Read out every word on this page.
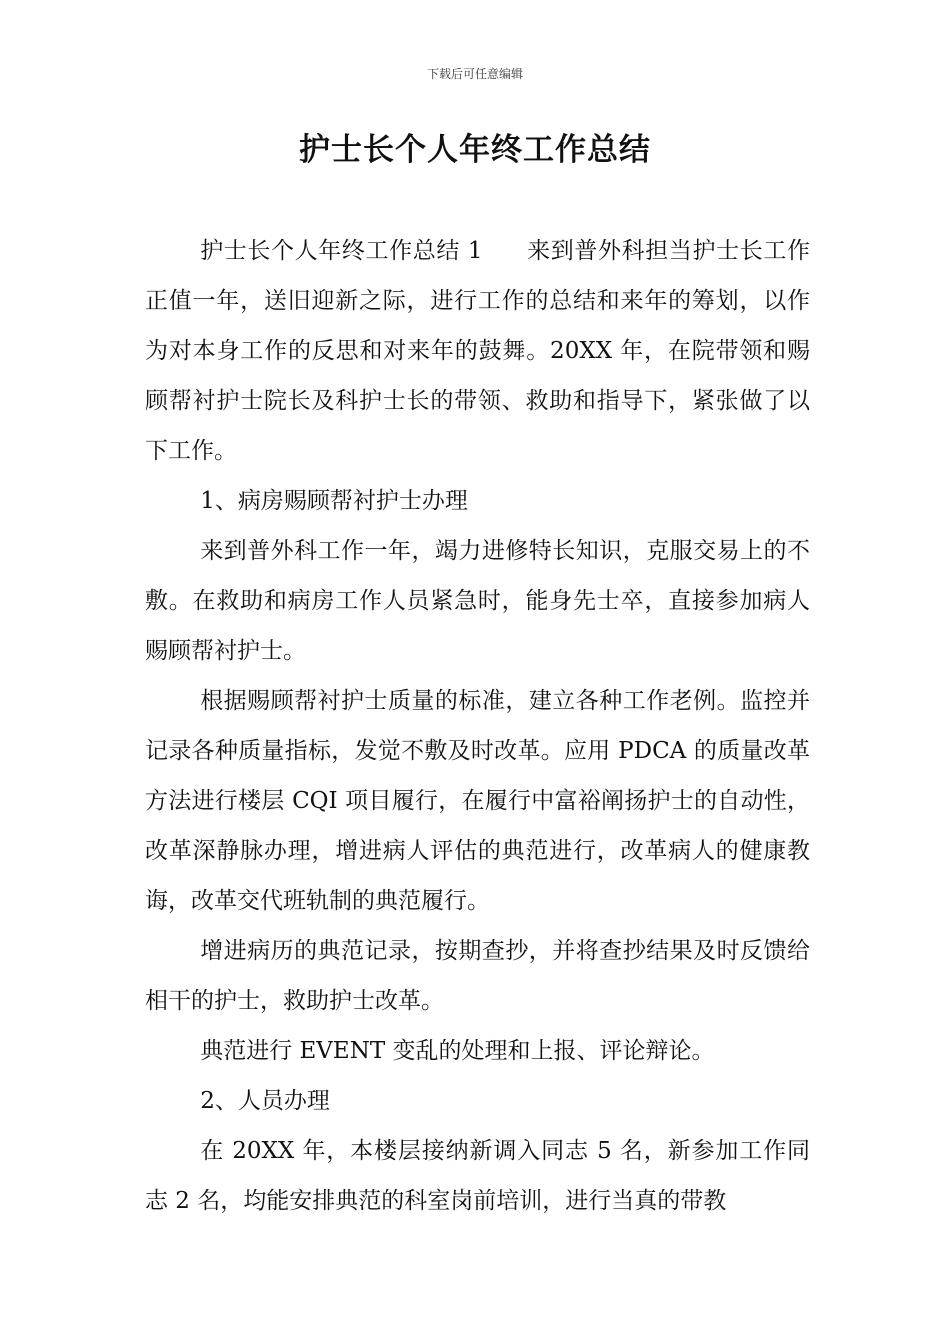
下载后可任意编辑
护士长个人年终工作总结

护士长个人年终工作总结 1 来到普外科担当护士长工作正值一年，送旧迎新之际，进行工作的总结和来年的筹划，以作为对本身工作的反思和对来年的鼓舞。20XX 年，在院带领和赐顾帮衬护士院长及科护士长的带领、救助和指导下，紧张做了以下工作。

1、病房赐顾帮衬护士办理

来到普外科工作一年，竭力进修特长知识，克服交易上的不敷。在救助和病房工作人员紧急时，能身先士卒，直接参加病人赐顾帮衬护士。

根据赐顾帮衬护士质量的标准，建立各种工作老例。监控并记录各种质量指标，发觉不敷及时改革。应用 PDCA 的质量改革方法进行楼层 CQI 项目履行，在履行中富裕阐扬护士的自动性，改革深静脉办理，增进病人评估的典范进行，改革病人的健康教诲，改革交代班轨制的典范履行。

增进病历的典范记录，按期查抄，并将查抄结果及时反馈给相干的护士，救助护士改革。

典范进行 EVENT 变乱的处理和上报、评论辩论。

2、人员办理

在 20XX 年，本楼层接纳新调入同志 5 名，新参加工作同志 2 名，均能安排典范的科室岗前培训，进行当真的带教
